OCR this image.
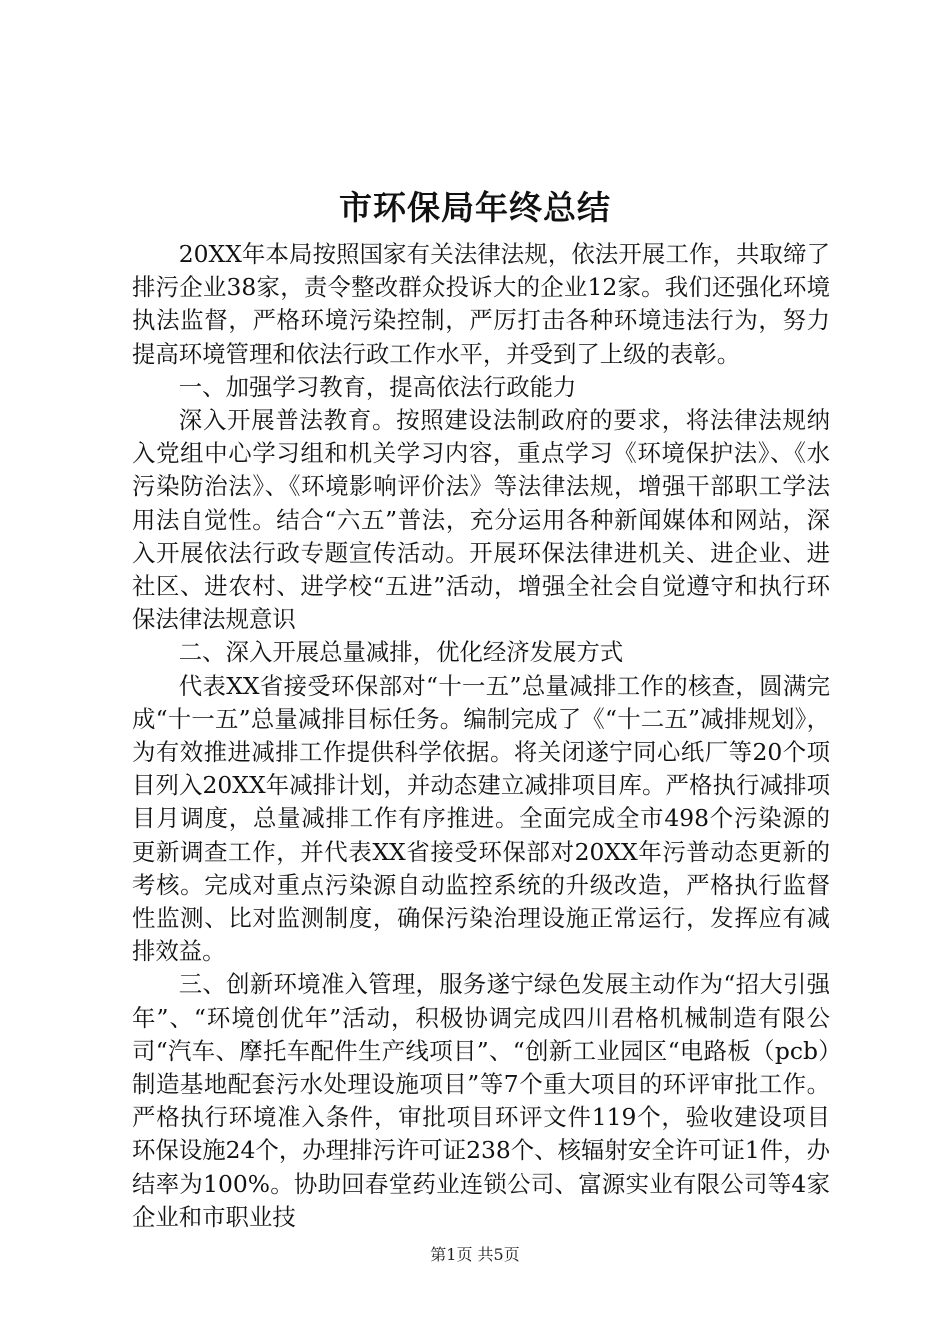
市环保局年终总结

20XX年本局按照国家有关法律法规，依法开展工作，共取缔了排污企业38家，责令整改群众投诉大的企业12家。我们还强化环境执法监督，严格环境污染控制，严厉打击各种环境违法行为，努力提高环境管理和依法行政工作水平，并受到了上级的表彰。

一、加强学习教育，提高依法行政能力

深入开展普法教育。按照建设法制政府的要求，将法律法规纳入党组中心学习组和机关学习内容，重点学习《环境保护法》、《水污染防治法》、《环境影响评价法》等法律法规，增强干部职工学法用法自觉性。结合“六五”普法，充分运用各种新闻媒体和网站，深入开展依法行政专题宣传活动。开展环保法律进机关、进企业、进社区、进农村、进学校“五进”活动，增强全社会自觉遵守和执行环保法律法规意识

二、深入开展总量减排，优化经济发展方式

代表XX省接受环保部对“十一五”总量减排工作的核查，圆满完成“十一五”总量减排目标任务。编制完成了《“十二五”减排规划》，为有效推进减排工作提供科学依据。将关闭遂宁同心纸厂等20个项目列入20XX年减排计划，并动态建立减排项目库。严格执行减排项目月调度，总量减排工作有序推进。全面完成全市498个污染源的更新调查工作，并代表XX省接受环保部对20XX年污普动态更新的考核。完成对重点污染源自动监控系统的升级改造，严格执行监督性监测、比对监测制度，确保污染治理设施正常运行，发挥应有减排效益。

三、创新环境准入管理，服务遂宁绿色发展主动作为“招大引强年”、“环境创优年”活动，积极协调完成四川君格机械制造有限公司“汽车、摩托车配件生产线项目”、“创新工业园区“电路板（pcb）制造基地配套污水处理设施项目”等7个重大项目的环评审批工作。严格执行环境准入条件，审批项目环评文件119个，验收建设项目环保设施24个，办理排污许可证238个、核辐射安全许可证1件，办结率为100%。协助回春堂药业连锁公司、富源实业有限公司等4家企业和市职业技

第1页 共5页
